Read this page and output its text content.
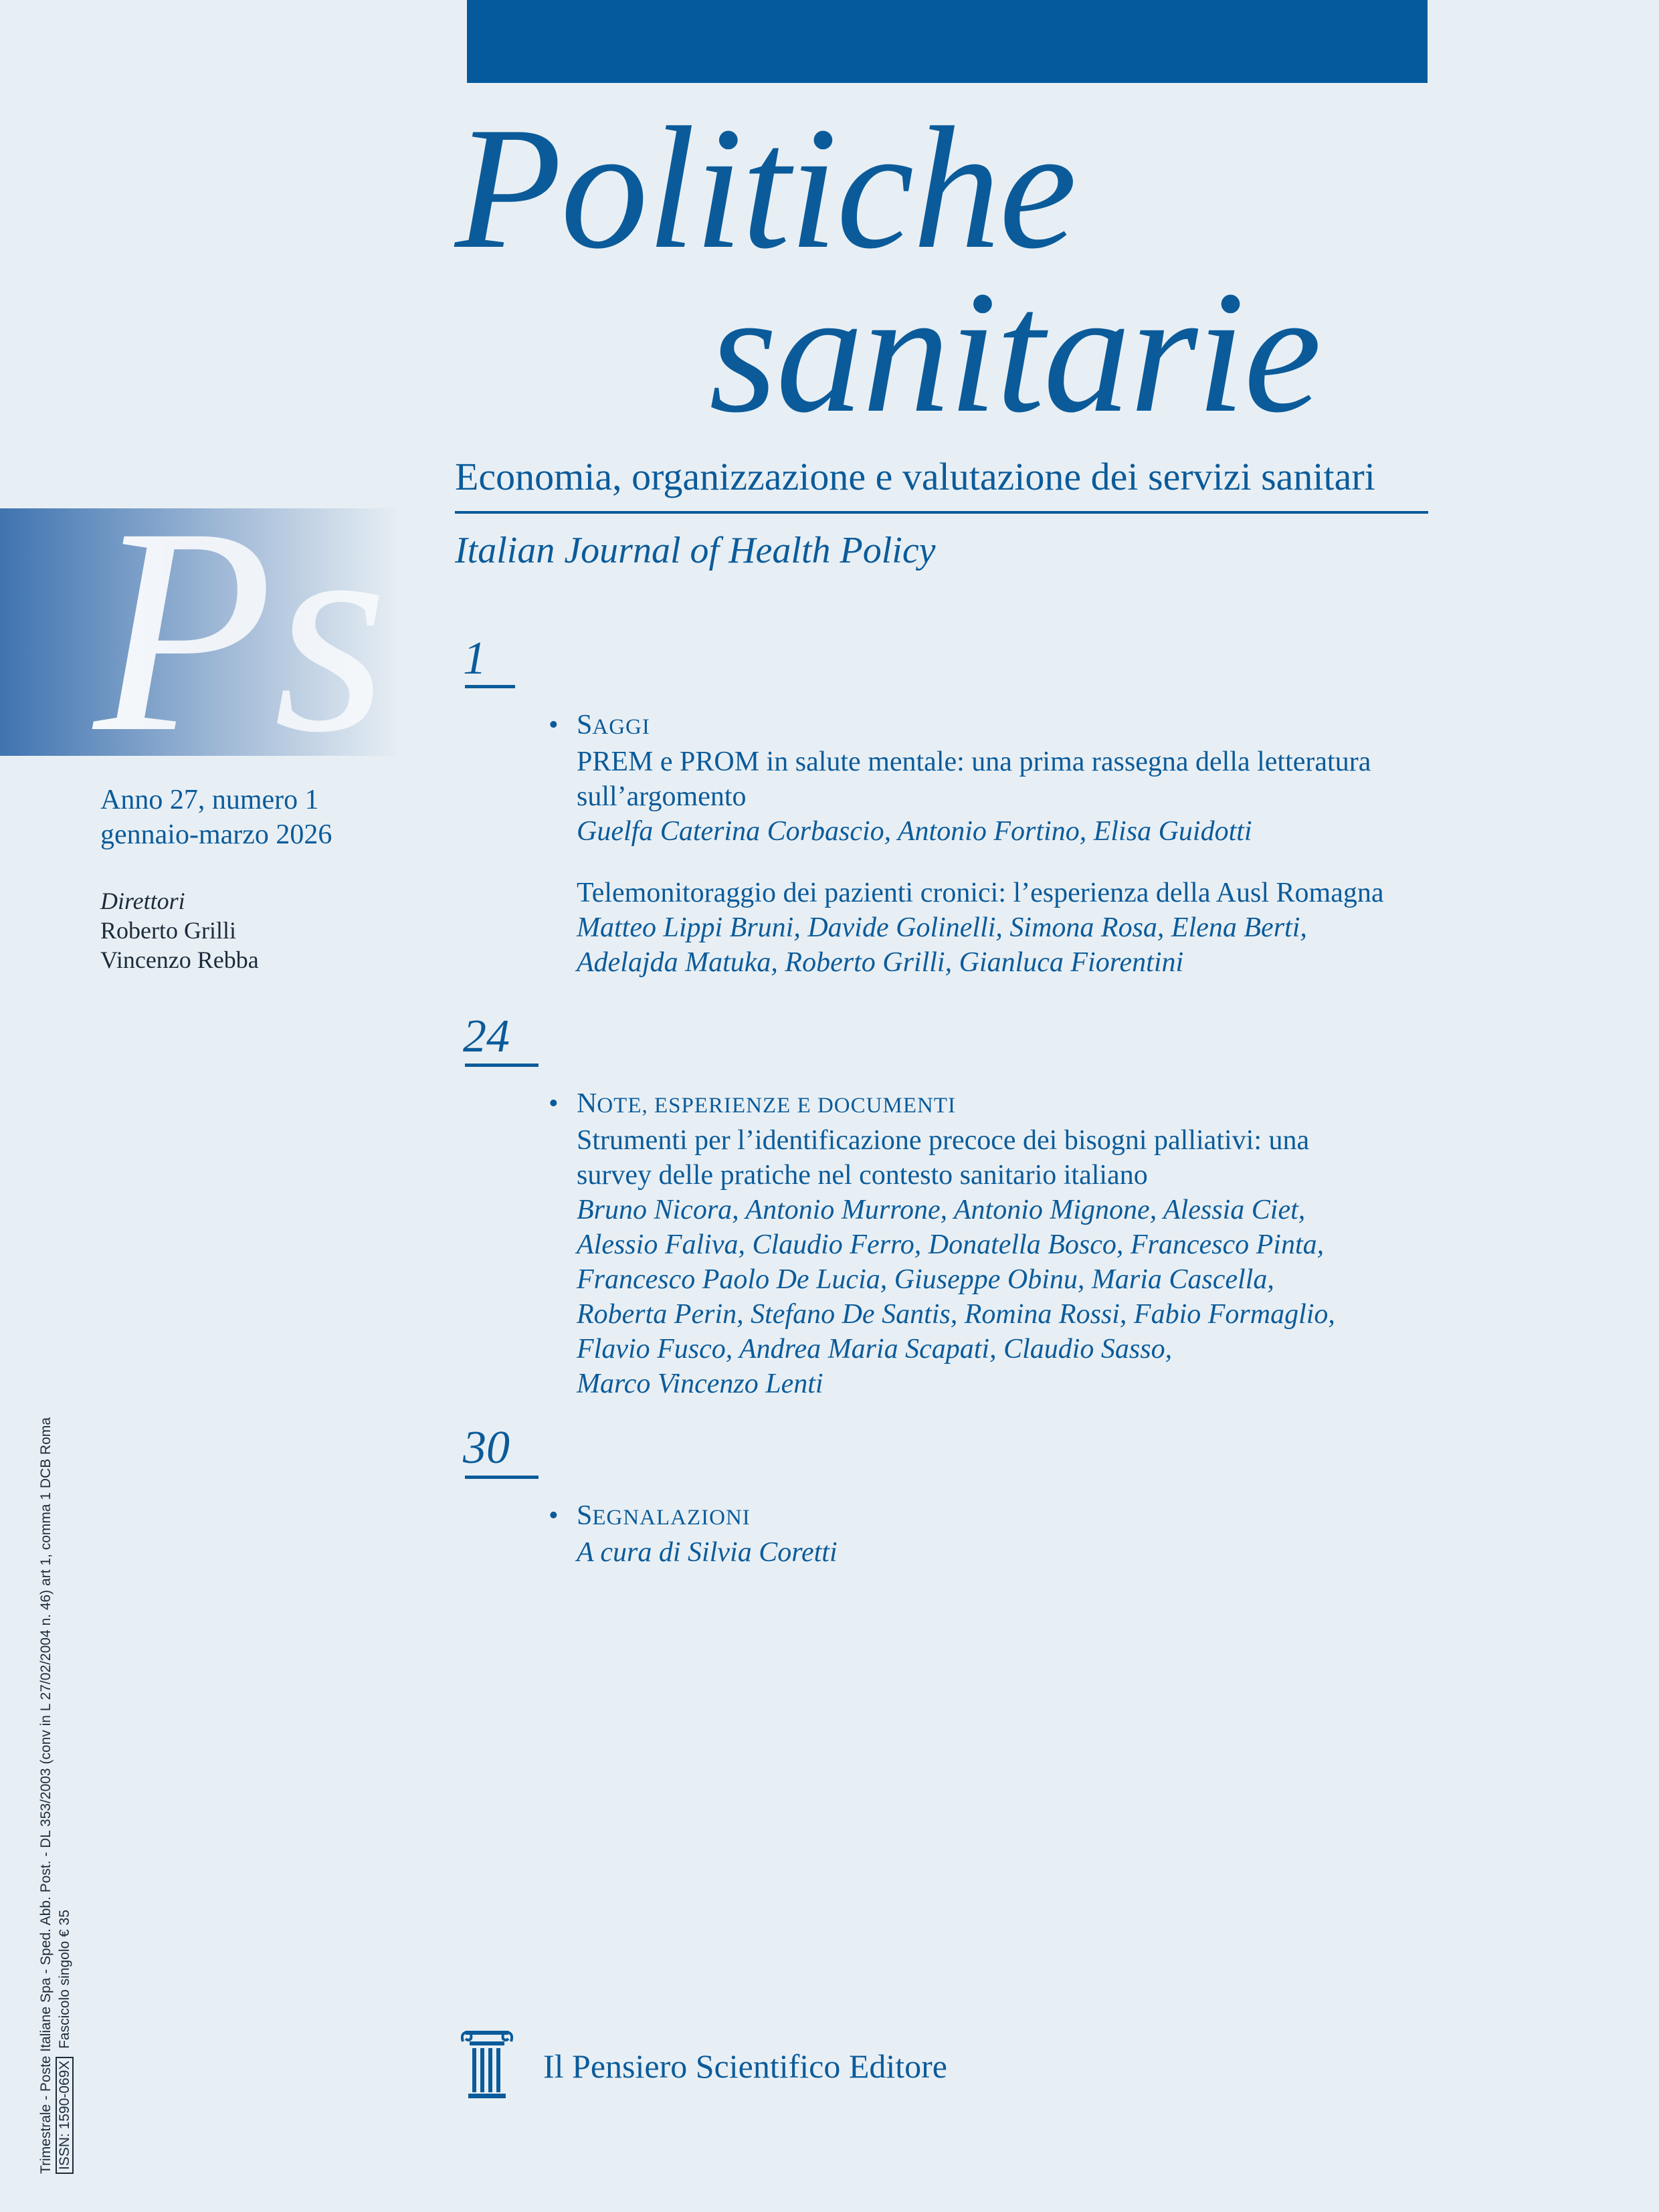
Politiche
sanitarie
Economia, organizzazione e valutazione dei servizi sanitari
Italian Journal of Health Policy
Ps
Anno 27, numero 1
gennaio-marzo 2026
Direttori
Roberto Grilli
Vincenzo Rebba
1
• SAGGI
PREM e PROM in salute mentale: una prima rassegna della letteratura
sull’argomento
Guelfa Caterina Corbascio, Antonio Fortino, Elisa Guidotti
Telemonitoraggio dei pazienti cronici: l’esperienza della Ausl Romagna
Matteo Lippi Bruni, Davide Golinelli, Simona Rosa, Elena Berti,
Adelajda Matuka, Roberto Grilli, Gianluca Fiorentini
24
• NOTE, ESPERIENZE E DOCUMENTI
Strumenti per l’identificazione precoce dei bisogni palliativi: una
survey delle pratiche nel contesto sanitario italiano
Bruno Nicora, Antonio Murrone, Antonio Mignone, Alessia Ciet,
Alessio Faliva, Claudio Ferro, Donatella Bosco, Francesco Pinta,
Francesco Paolo De Lucia, Giuseppe Obinu, Maria Cascella,
Roberta Perin, Stefano De Santis, Romina Rossi, Fabio Formaglio,
Flavio Fusco, Andrea Maria Scapati, Claudio Sasso,
Marco Vincenzo Lenti
30
• SEGNALAZIONI
A cura di Silvia Coretti
Trimestrale - Poste Italiane Spa - Sped. Abb. Post. - DL 353/2003 (conv in L 27/02/2004 n. 46) art 1, comma 1 DCB Roma ISSN: 1590-069X  Fascicolo singolo € 35
Il Pensiero Scientifico Editore
